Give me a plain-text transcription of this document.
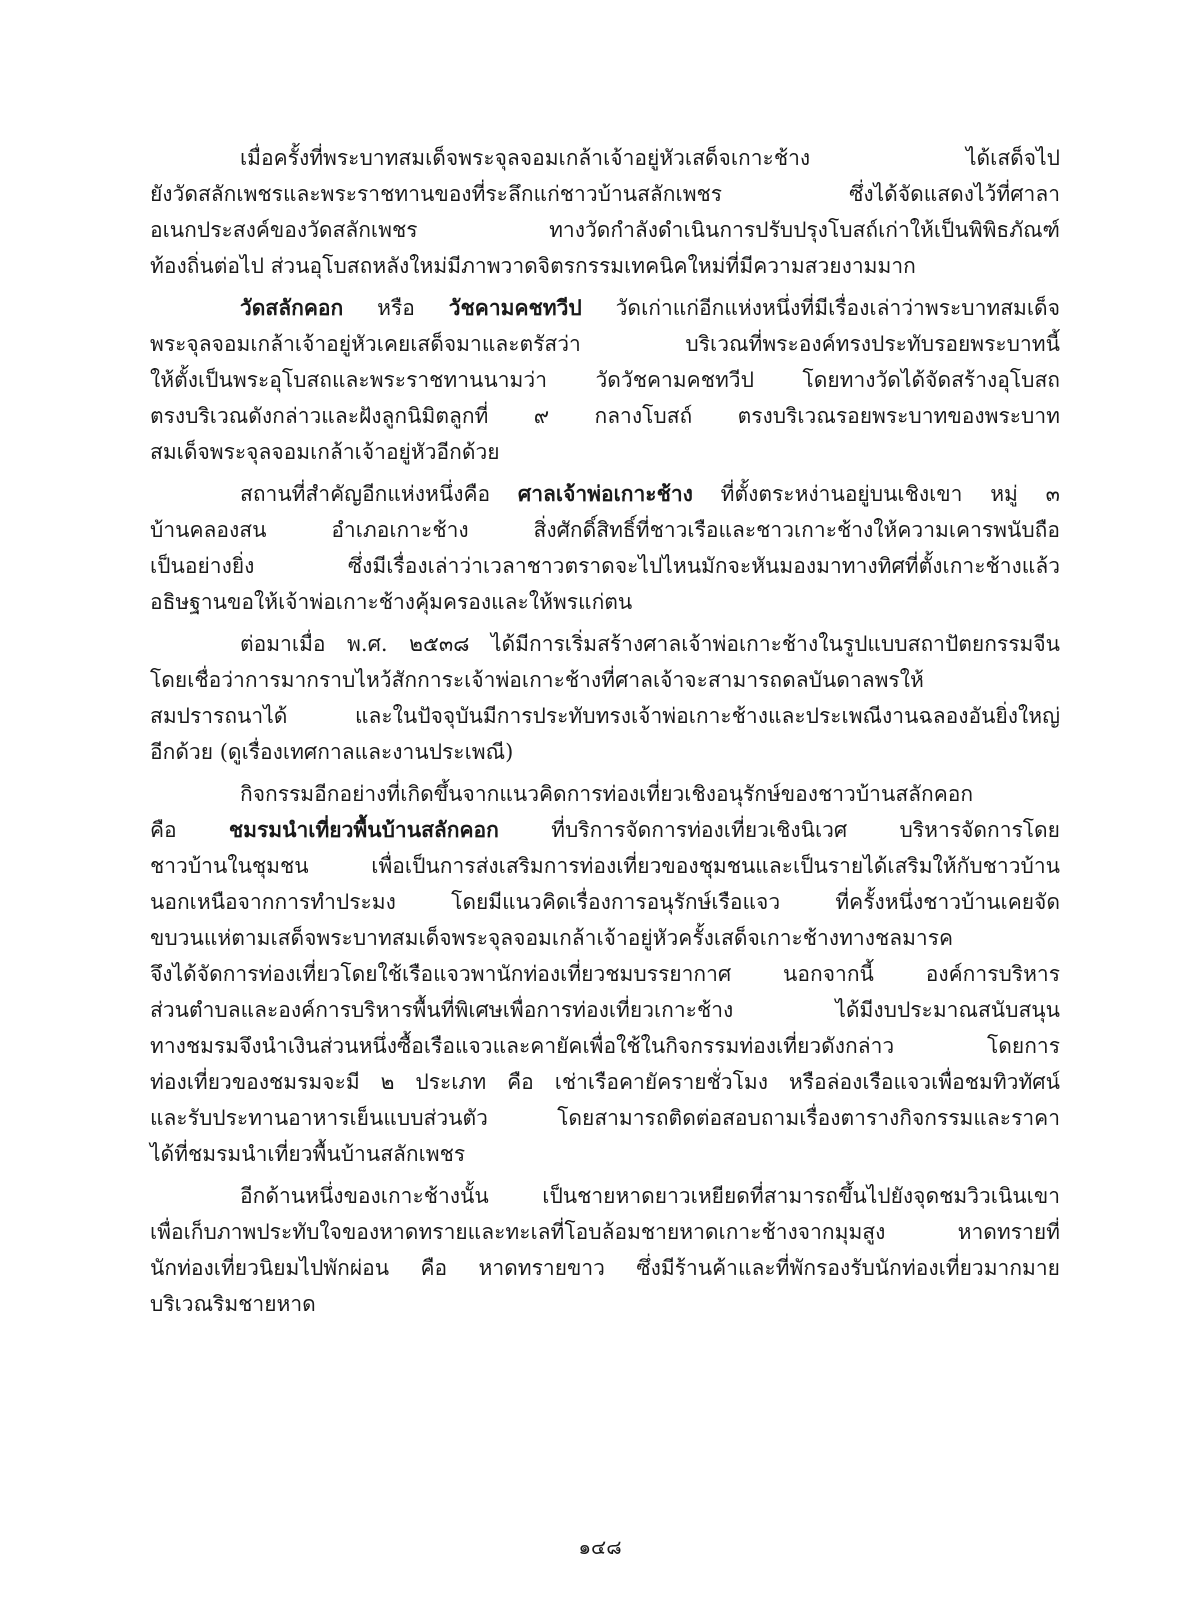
เมื่อครั้งที่พระบาทสมเด็จพระจุลจอมเกล้าเจ้าอยู่หัวเสด็จเกาะช้าง ได้เสด็จไป
ยังวัดสลักเพชรและพระราชทานของที่ระลึกแก่ชาวบ้านสลักเพชร ซึ่งได้จัดแสดงไว้ที่ศาลา
อเนกประสงค์ของวัดสลักเพชร ทางวัดกำลังดำเนินการปรับปรุงโบสถ์เก่าให้เป็นพิพิธภัณฑ์
ท้องถิ่นต่อไป ส่วนอุโบสถหลังใหม่มีภาพวาดจิตรกรรมเทคนิคใหม่ที่มีความสวยงามมาก
วัดสลักคอก หรือ วัชคามคชทวีป วัดเก่าแก่อีกแห่งหนึ่งที่มีเรื่องเล่าว่าพระบาทสมเด็จ
พระจุลจอมเกล้าเจ้าอยู่หัวเคยเสด็จมาและตรัสว่า บริเวณที่พระองค์ทรงประทับรอยพระบาทนี้
ให้ตั้งเป็นพระอุโบสถและพระราชทานนามว่า วัดวัชคามคชทวีป โดยทางวัดได้จัดสร้างอุโบสถ
ตรงบริเวณดังกล่าวและฝังลูกนิมิตลูกที่ ๙ กลางโบสถ์ ตรงบริเวณรอยพระบาทของพระบาท
สมเด็จพระจุลจอมเกล้าเจ้าอยู่หัวอีกด้วย
สถานที่สำคัญอีกแห่งหนึ่งคือ ศาลเจ้าพ่อเกาะช้าง ที่ตั้งตระหง่านอยู่บนเชิงเขา หมู่ ๓
บ้านคลองสน อำเภอเกาะช้าง สิ่งศักดิ์สิทธิ์ที่ชาวเรือและชาวเกาะช้างให้ความเคารพนับถือ
เป็นอย่างยิ่ง ซึ่งมีเรื่องเล่าว่าเวลาชาวตราดจะไปไหนมักจะหันมองมาทางทิศที่ตั้งเกาะช้างแล้ว
อธิษฐานขอให้เจ้าพ่อเกาะช้างคุ้มครองและให้พรแก่ตน
ต่อมาเมื่อ พ.ศ. ๒๕๓๘ ได้มีการเริ่มสร้างศาลเจ้าพ่อเกาะช้างในรูปแบบสถาปัตยกรรมจีน
โดยเชื่อว่าการมากราบไหว้สักการะเจ้าพ่อเกาะช้างที่ศาลเจ้าจะสามารถดลบันดาลพรให้
สมปรารถนาได้ และในปัจจุบันมีการประทับทรงเจ้าพ่อเกาะช้างและประเพณีงานฉลองอันยิ่งใหญ่
อีกด้วย (ดูเรื่องเทศกาลและงานประเพณี)
กิจกรรมอีกอย่างที่เกิดขึ้นจากแนวคิดการท่องเที่ยวเชิงอนุรักษ์ของชาวบ้านสลักคอก
คือ ชมรมนำเที่ยวพื้นบ้านสลักคอก ที่บริการจัดการท่องเที่ยวเชิงนิเวศ บริหารจัดการโดย
ชาวบ้านในชุมชน เพื่อเป็นการส่งเสริมการท่องเที่ยวของชุมชนและเป็นรายได้เสริมให้กับชาวบ้าน
นอกเหนือจากการทำประมง โดยมีแนวคิดเรื่องการอนุรักษ์เรือแจว ที่ครั้งหนึ่งชาวบ้านเคยจัด
ขบวนแห่ตามเสด็จพระบาทสมเด็จพระจุลจอมเกล้าเจ้าอยู่หัวครั้งเสด็จเกาะช้างทางชลมารค
จึงได้จัดการท่องเที่ยวโดยใช้เรือแจวพานักท่องเที่ยวชมบรรยากาศ นอกจากนี้ องค์การบริหาร
ส่วนตำบลและองค์การบริหารพื้นที่พิเศษเพื่อการท่องเที่ยวเกาะช้าง ได้มีงบประมาณสนับสนุน
ทางชมรมจึงนำเงินส่วนหนึ่งซื้อเรือแจวและคายัคเพื่อใช้ในกิจกรรมท่องเที่ยวดังกล่าว โดยการ
ท่องเที่ยวของชมรมจะมี ๒ ประเภท คือ เช่าเรือคายัครายชั่วโมง หรือล่องเรือแจวเพื่อชมทิวทัศน์
และรับประทานอาหารเย็นแบบส่วนตัว โดยสามารถติดต่อสอบถามเรื่องตารางกิจกรรมและราคา
ได้ที่ชมรมนำเที่ยวพื้นบ้านสลักเพชร
อีกด้านหนึ่งของเกาะช้างนั้น เป็นชายหาดยาวเหยียดที่สามารถขึ้นไปยังจุดชมวิวเนินเขา
เพื่อเก็บภาพประทับใจของหาดทรายและทะเลที่โอบล้อมชายหาดเกาะช้างจากมุมสูง หาดทรายที่
นักท่องเที่ยวนิยมไปพักผ่อน คือ หาดทรายขาว ซึ่งมีร้านค้าและที่พักรองรับนักท่องเที่ยวมากมาย
บริเวณริมชายหาด
๑๔๘
